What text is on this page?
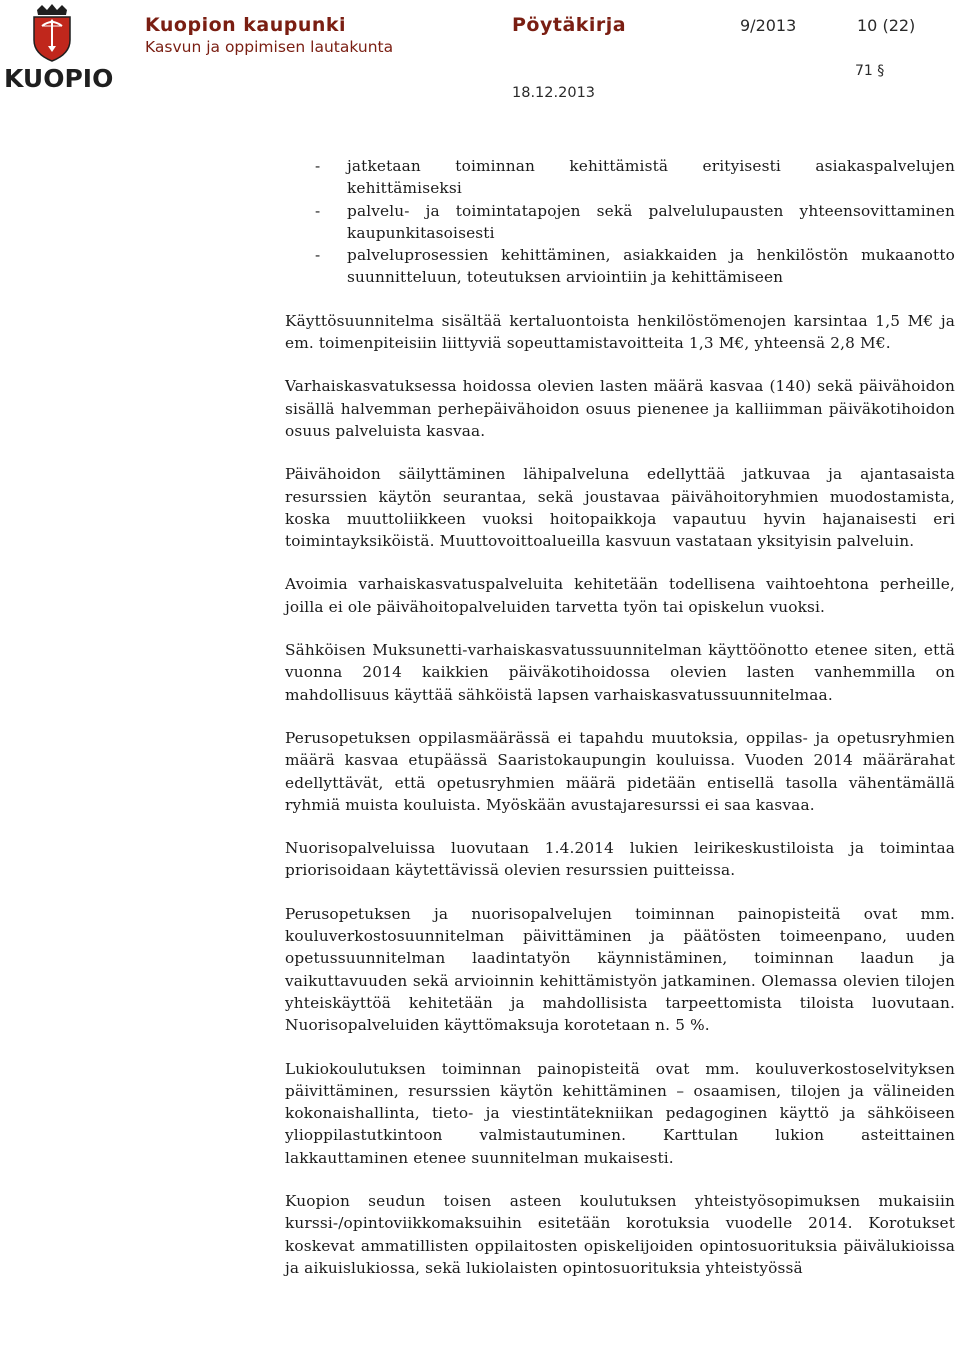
KUOPIO
Kuopion kaupunki
Kasvun ja oppimisen lautakunta
Pöytäkirja	9/2013	10 (22)
71 §
18.12.2013
- jatketaan toiminnan kehittämistä erityisesti asiakaspalvelujen kehittämiseksi
- palvelu- ja toimintatapojen sekä palvelulupausten yhteensovittaminen kaupunkitasoisesti
- palveluprosessien kehittäminen, asiakkaiden ja henkilöstön mukaanotto suunnitteluun, toteutuksen arviointiin ja kehittämiseen

Käyttösuunnitelma sisältää kertaluontoista henkilöstömenojen karsintaa 1,5 M€ ja em. toimenpiteisiin liittyviä sopeuttamistavoitteita 1,3 M€, yhteensä 2,8 M€.

Varhaiskasvatuksessa hoidossa olevien lasten määrä kasvaa (140) sekä päivähoidon sisällä halvemman perhepäivähoidon osuus pienenee ja kalliimman päiväkotihoidon osuus palveluista kasvaa.

Päivähoidon säilyttäminen lähipalveluna edellyttää jatkuvaa ja ajantasaista resurssien käytön seurantaa, sekä joustavaa päivähoitoryhmien muodostamista, koska muuttoliikkeen vuoksi hoitopaikkoja vapautuu hyvin hajanaisesti eri toimintayksiköistä. Muuttovoittoalueilla kasvuun vastataan yksityisin palveluin.

Avoimia varhaiskasvatuspalveluita kehitetään todellisena vaihtoehtona perheille, joilla ei ole päivähoitopalveluiden tarvetta työn tai opiskelun vuoksi.

Sähköisen Muksunetti-varhaiskasvatussuunnitelman käyttöönotto etenee siten, että vuonna 2014 kaikkien päiväkotihoidossa olevien lasten vanhemmilla on mahdollisuus käyttää sähköistä lapsen varhaiskasvatussuunnitelmaa.

Perusopetuksen oppilasmäärässä ei tapahdu muutoksia, oppilas- ja opetusryhmien määrä kasvaa etupäässä Saaristokaupungin kouluissa. Vuoden 2014 määrärahat edellyttävät, että opetusryhmien määrä pidetään entisellä tasolla vähentämällä ryhmiä muista kouluista. Myöskään avustajaresurssi ei saa kasvaa.

Nuorisopalveluissa luovutaan 1.4.2014 lukien leirikeskustiloista ja toimintaa priorisoidaan käytettävissä olevien resurssien puitteissa.

Perusopetuksen ja nuorisopalvelujen toiminnan painopisteitä ovat mm. kouluverkostosuunnitelman päivittäminen ja päätösten toimeenpano, uuden opetussuunnitelman laadintatyön käynnistäminen, toiminnan laadun ja vaikuttavuuden sekä arvioinnin kehittämistyön jatkaminen. Olemassa olevien tilojen yhteiskäyttöä kehitetään ja mahdollisista tarpeettomista tiloista luovutaan. Nuorisopalveluiden käyttömaksuja korotetaan n. 5 %.

Lukiokoulutuksen toiminnan painopisteitä ovat mm. kouluverkostoselvityksen päivittäminen, resurssien käytön kehittäminen – osaamisen, tilojen ja välineiden kokonaishallinta, tieto- ja viestintätekniikan pedagoginen käyttö ja sähköiseen ylioppilastutkintoon valmistautuminen. Karttulan lukion asteittainen lakkauttaminen etenee suunnitelman mukaisesti.

Kuopion seudun toisen asteen koulutuksen yhteistyösopimuksen mukaisiin kurssi-/opintoviikkomaksuihin esitetään korotuksia vuodelle 2014. Korotukset koskevat ammatillisten oppilaitosten opiskelijoiden opintosuorituksia päivälukioissa ja aikuislukiossa, sekä lukiolaisten opintosuorituksia yhteistyössä
